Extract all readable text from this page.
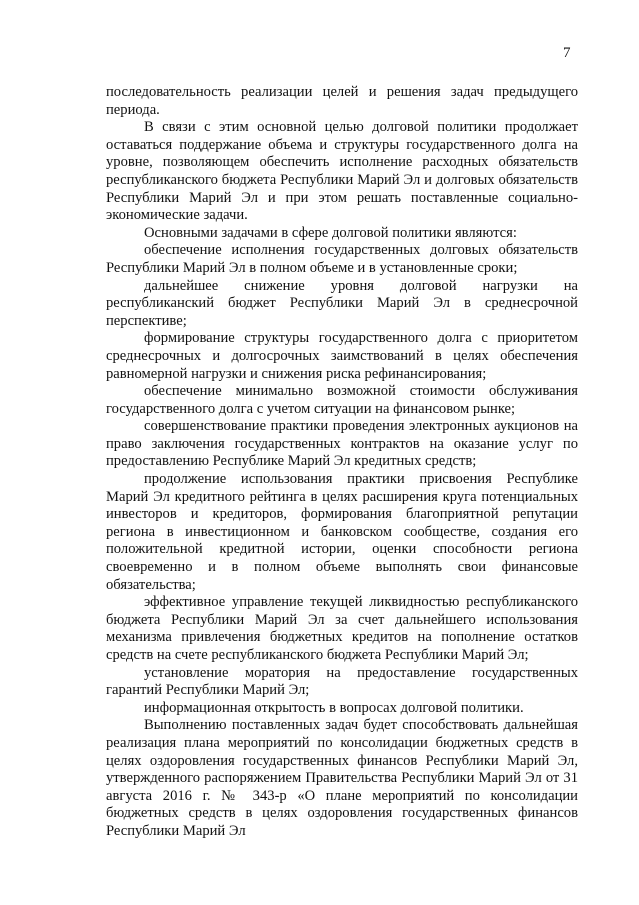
7

последовательность реализации целей и решения задач предыдущего периода.

В связи с этим основной целью долговой политики продолжает оставаться поддержание объема и структуры государственного долга на уровне, позволяющем обеспечить исполнение расходных обязательств республиканского бюджета Республики Марий Эл и долговых обязательств Республики Марий Эл и при этом решать поставленные социально-экономические задачи.

Основными задачами в сфере долговой политики являются:

обеспечение исполнения государственных долговых обязательств Республики Марий Эл в полном объеме и в установленные сроки;

дальнейшее снижение уровня долговой нагрузки на республиканский бюджет Республики Марий Эл в среднесрочной перспективе;

формирование структуры государственного долга с приоритетом среднесрочных и долгосрочных заимствований в целях обеспечения равномерной нагрузки и снижения риска рефинансирования;

обеспечение минимально возможной стоимости обслуживания государственного долга с учетом ситуации на финансовом рынке;

совершенствование практики проведения электронных аукционов на право заключения государственных контрактов на оказание услуг по предоставлению Республике Марий Эл кредитных средств;

продолжение использования практики присвоения Республике Марий Эл кредитного рейтинга в целях расширения круга потенциальных инвесторов и кредиторов, формирования благоприятной репутации региона в инвестиционном и банковском сообществе, создания его положительной кредитной истории, оценки способности региона своевременно и в полном объеме выполнять свои финансовые обязательства;

эффективное управление текущей ликвидностью республиканского бюджета Республики Марий Эл за счет дальнейшего использования механизма привлечения бюджетных кредитов на пополнение остатков средств на счете республиканского бюджета Республики Марий Эл;

установление моратория на предоставление государственных гарантий Республики Марий Эл;

информационная открытость в вопросах долговой политики.

Выполнению поставленных задач будет способствовать дальнейшая реализация плана мероприятий по консолидации бюджетных средств в целях оздоровления государственных финансов Республики Марий Эл, утвержденного распоряжением Правительства Республики Марий Эл от 31 августа 2016 г. № 343-р «О плане мероприятий по консолидации бюджетных средств в целях оздоровления государственных финансов Республики Марий Эл
